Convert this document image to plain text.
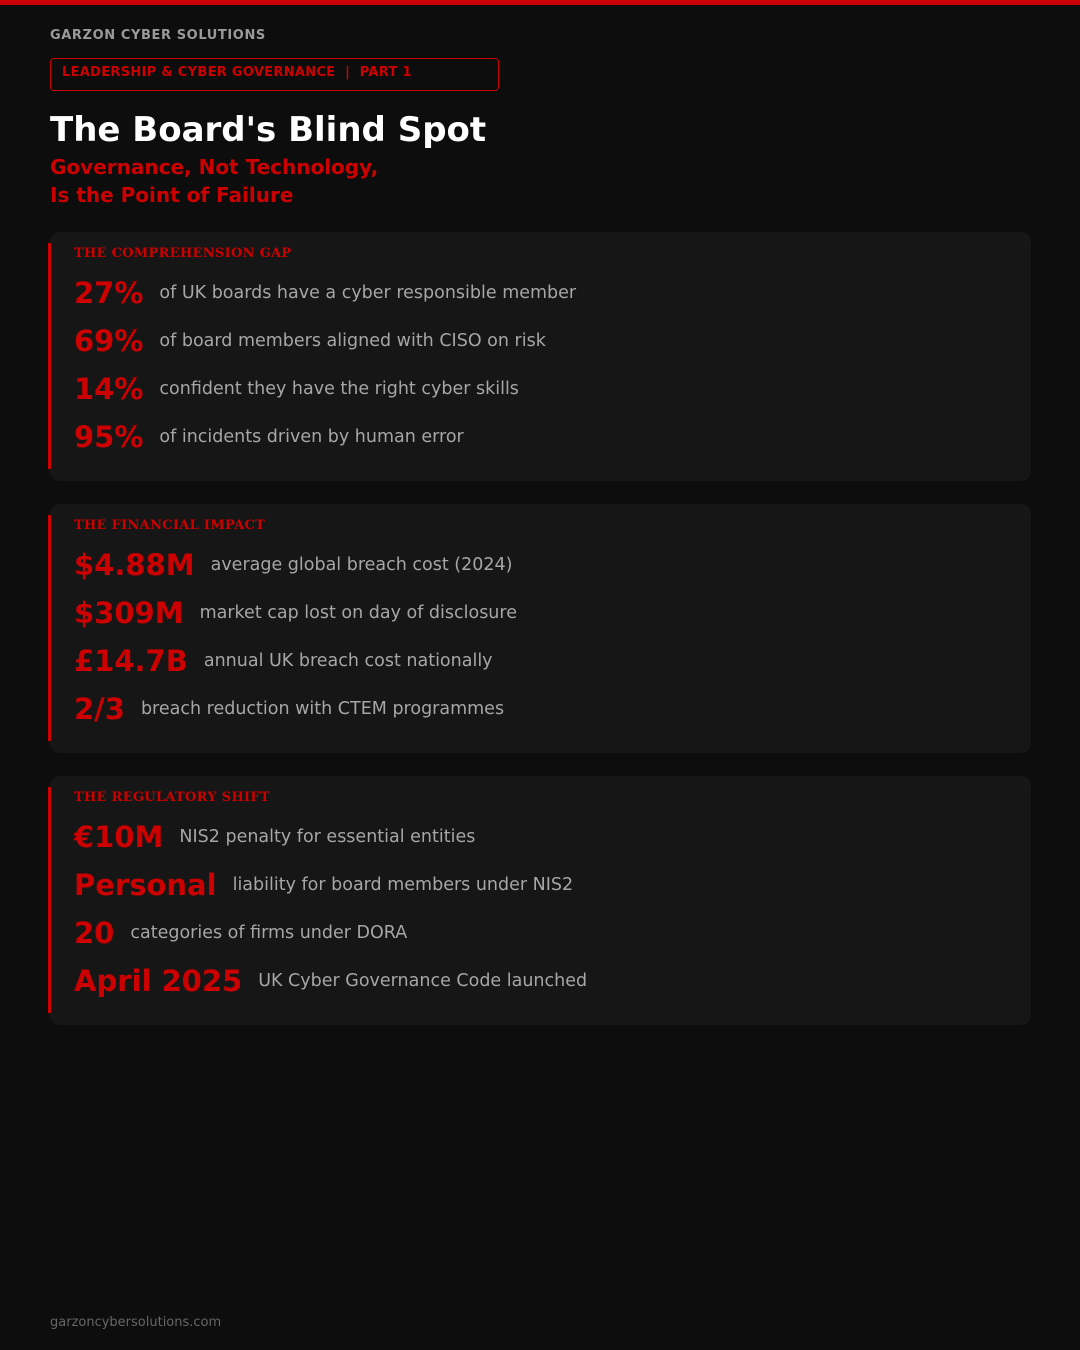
GARZON CYBER SOLUTIONS
LEADERSHIP & CYBER GOVERNANCE  |  PART 1
The Board's Blind Spot
Governance, Not Technology,
Is the Point of Failure
THE COMPREHENSION GAP
27% of UK boards have a cyber responsible member
69% of board members aligned with CISO on risk
14% confident they have the right cyber skills
95% of incidents driven by human error
THE FINANCIAL IMPACT
$4.88M average global breach cost (2024)
$309M market cap lost on day of disclosure
£14.7B annual UK breach cost nationally
2/3 breach reduction with CTEM programmes
THE REGULATORY SHIFT
€10M NIS2 penalty for essential entities
Personal liability for board members under NIS2
20 categories of firms under DORA
April 2025 UK Cyber Governance Code launched
garzoncybersolutions.com
